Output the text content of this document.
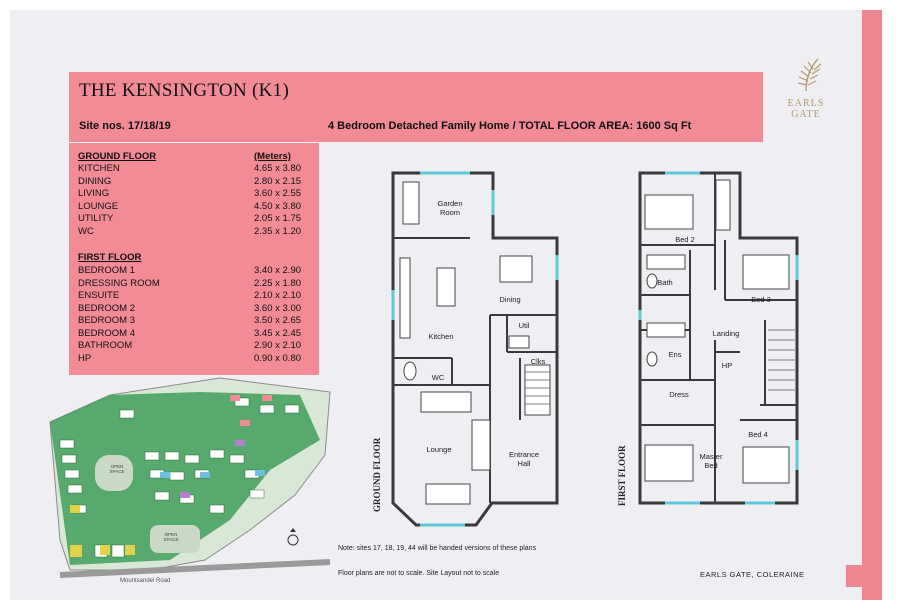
THE KENSINGTON (K1)
Site nos. 17/18/19	4 Bedroom Detached Family Home / TOTAL FLOOR AREA: 1600 Sq Ft
EARLS
GATE
GROUND FLOOR	(Meters)
KITCHEN	4.65 x 3.80
DINING	2.80 x 2.15
LIVING	3.60 x 2.55
LOUNGE	4.50 x 3.80
UTILITY	2.05 x 1.75
WC	2.35 x 1.20
FIRST FLOOR
BEDROOM 1	3.40 x 2.90
DRESSING ROOM	2.25 x 1.80
ENSUITE	2.10 x 2.10
BEDROOM 2	3.60 x 3.00
BEDROOM 3	3.50 x 2.65
BEDROOM 4	3.45 x 2.45
BATHROOM	2.90 x 2.10
HP	0.90 x 0.80
Garden
Room
Dining
Kitchen
Util
WC
Clks
Lounge
Entrance
Hall
Bed 2
Bath
Bed 3
Landing
Ens
HP
Dress
Master
Bed
Bed 4
GROUND FLOOR	FIRST FLOOR
OPEN SPACE
OPEN SPACE
Mountsandel Road
Note: sites 17, 18, 19, 44 will be handed versions of these plans
Floor plans are not to scale. Site Layout not to scale	EARLS GATE, COLERAINE
